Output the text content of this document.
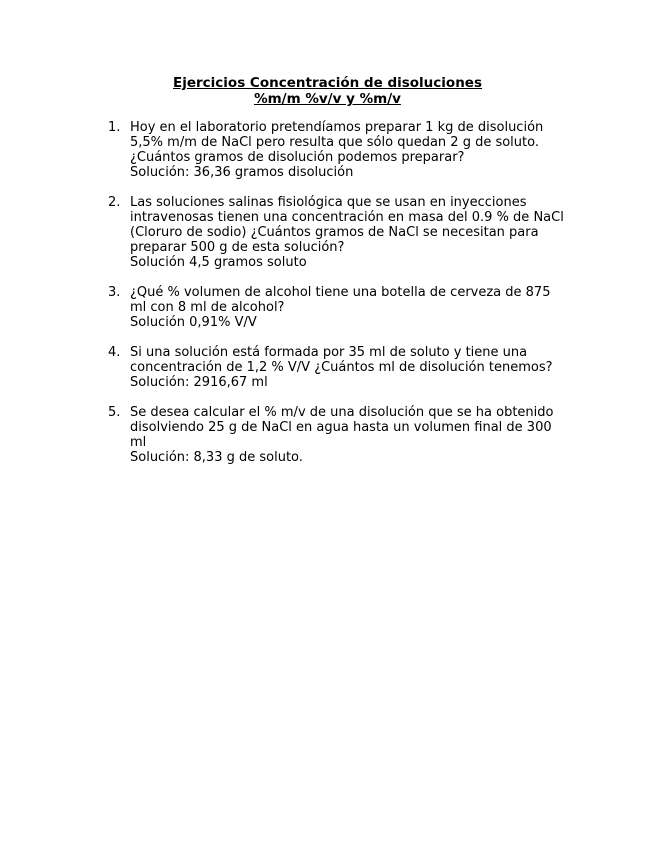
Ejercicios Concentración de disoluciones

%m/m %v/v y %m/v

1. Hoy en el laboratorio pretendíamos preparar 1 kg de disolución 5,5% m/m de NaCl pero resulta que sólo quedan 2 g de soluto. ¿Cuántos gramos de disolución podemos preparar?
Solución: 36,36 gramos disolución
2. Las soluciones salinas fisiológica que se usan en inyecciones intravenosas tienen una concentración en masa del 0.9 % de NaCl (Cloruro de sodio) ¿Cuántos gramos de NaCl se necesitan para preparar 500 g de esta solución?
Solución 4,5 gramos soluto
3. ¿Qué % volumen de alcohol tiene una botella de cerveza de 875 ml con 8 ml de alcohol?
Solución 0,91% V/V
4. Si una solución está formada por 35 ml de soluto y tiene una concentración de 1,2 % V/V ¿Cuántos ml de disolución tenemos?
Solución: 2916,67 ml
5. Se desea calcular el % m/v de una disolución que se ha obtenido disolviendo 25 g de NaCl en agua hasta un volumen final de 300 ml
Solución: 8,33 g de soluto.
